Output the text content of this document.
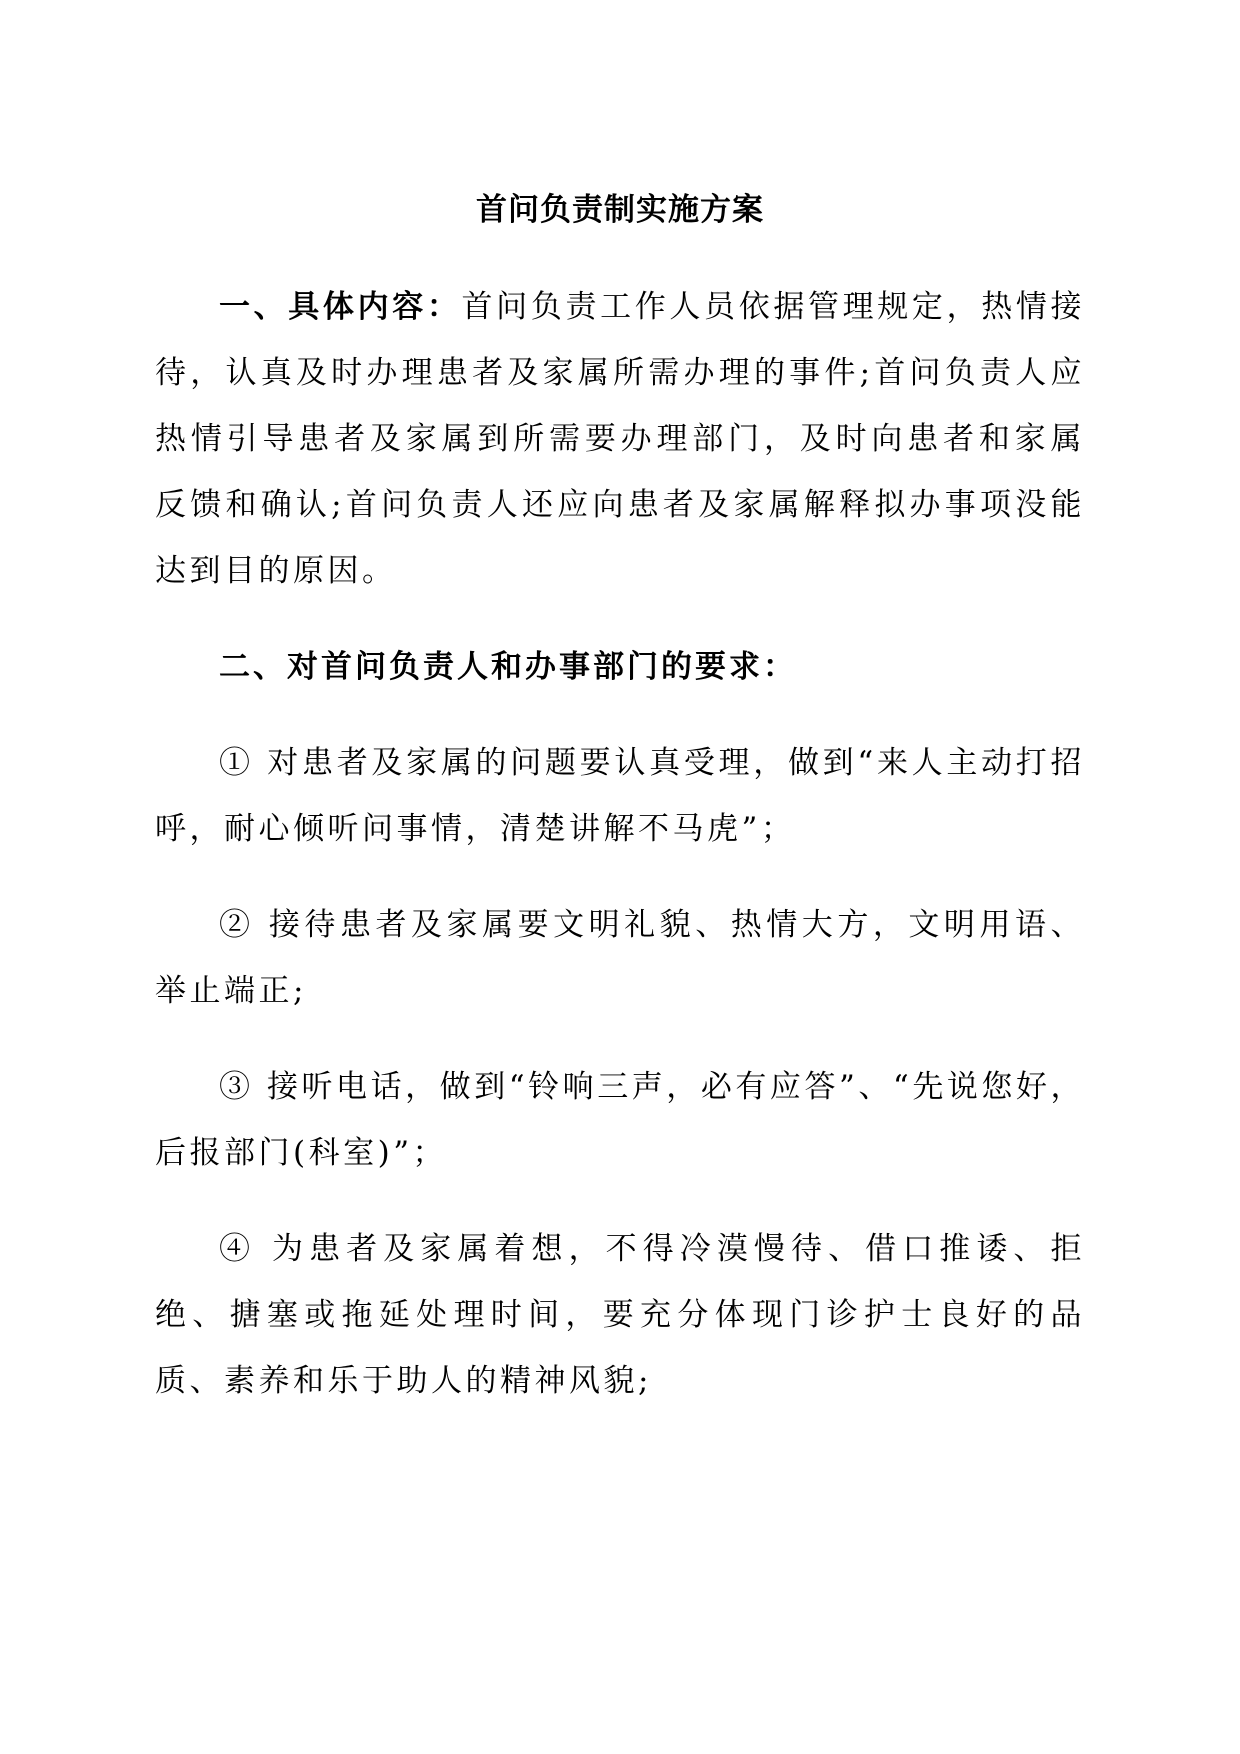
首问负责制实施方案

一、具体内容：首问负责工作人员依据管理规定，热情接待，认真及时办理患者及家属所需办理的事件;首问负责人应热情引导患者及家属到所需要办理部门，及时向患者和家属反馈和确认;首问负责人还应向患者及家属解释拟办事项没能达到目的原因。

二、对首问负责人和办事部门的要求：

① 对患者及家属的问题要认真受理，做到“来人主动打招呼，耐心倾听问事情，清楚讲解不马虎”；

② 接待患者及家属要文明礼貌、热情大方，文明用语、举止端正;

③ 接听电话，做到“铃响三声，必有应答”、“先说您好，后报部门(科室)”；

④ 为患者及家属着想，不得冷漠慢待、借口推诿、拒绝、搪塞或拖延处理时间，要充分体现门诊护士良好的品质、素养和乐于助人的精神风貌;
